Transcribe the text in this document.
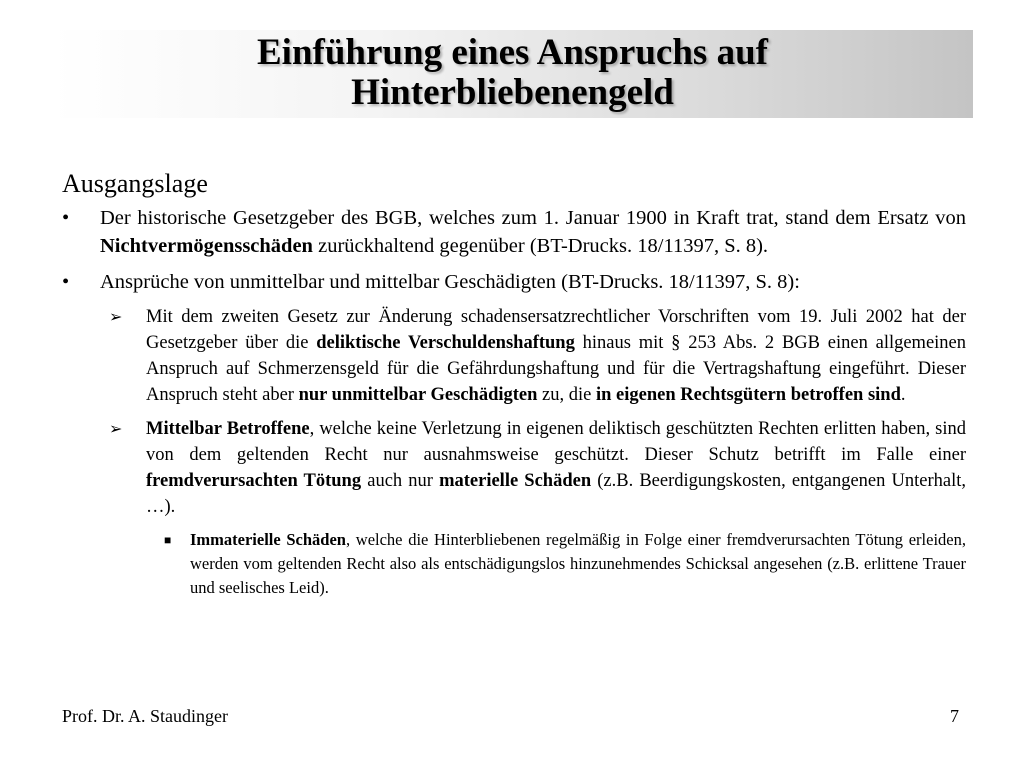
Einführung eines Anspruchs auf
Hinterbliebenengeld
Ausgangslage
• Der historische Gesetzgeber des BGB, welches zum 1. Januar 1900 in Kraft trat, stand dem Ersatz von Nichtvermögensschäden zurückhaltend gegenüber (BT-Drucks. 18/11397, S. 8).
• Ansprüche von unmittelbar und mittelbar Geschädigten (BT-Drucks. 18/11397, S. 8):
➢ Mit dem zweiten Gesetz zur Änderung schadensersatzrechtlicher Vorschriften vom 19. Juli 2002 hat der Gesetzgeber über die deliktische Verschuldenshaftung hinaus mit § 253 Abs. 2 BGB einen allgemeinen Anspruch auf Schmerzensgeld für die Gefährdungshaftung und für die Vertragshaftung eingeführt. Dieser Anspruch steht aber nur unmittelbar Geschädigten zu, die in eigenen Rechtsgütern betroffen sind.
➢ Mittelbar Betroffene, welche keine Verletzung in eigenen deliktisch geschützten Rechten erlitten haben, sind von dem geltenden Recht nur ausnahmsweise geschützt. Dieser Schutz betrifft im Falle einer fremdverursachten Tötung auch nur materielle Schäden (z.B. Beerdigungskosten, entgangenen Unterhalt, …).
■ Immaterielle Schäden, welche die Hinterbliebenen regelmäßig in Folge einer fremdverursachten Tötung erleiden, werden vom geltenden Recht also als entschädigungslos hinzunehmendes Schicksal angesehen (z.B. erlittene Trauer und seelisches Leid).
Prof. Dr. A. Staudinger	7
